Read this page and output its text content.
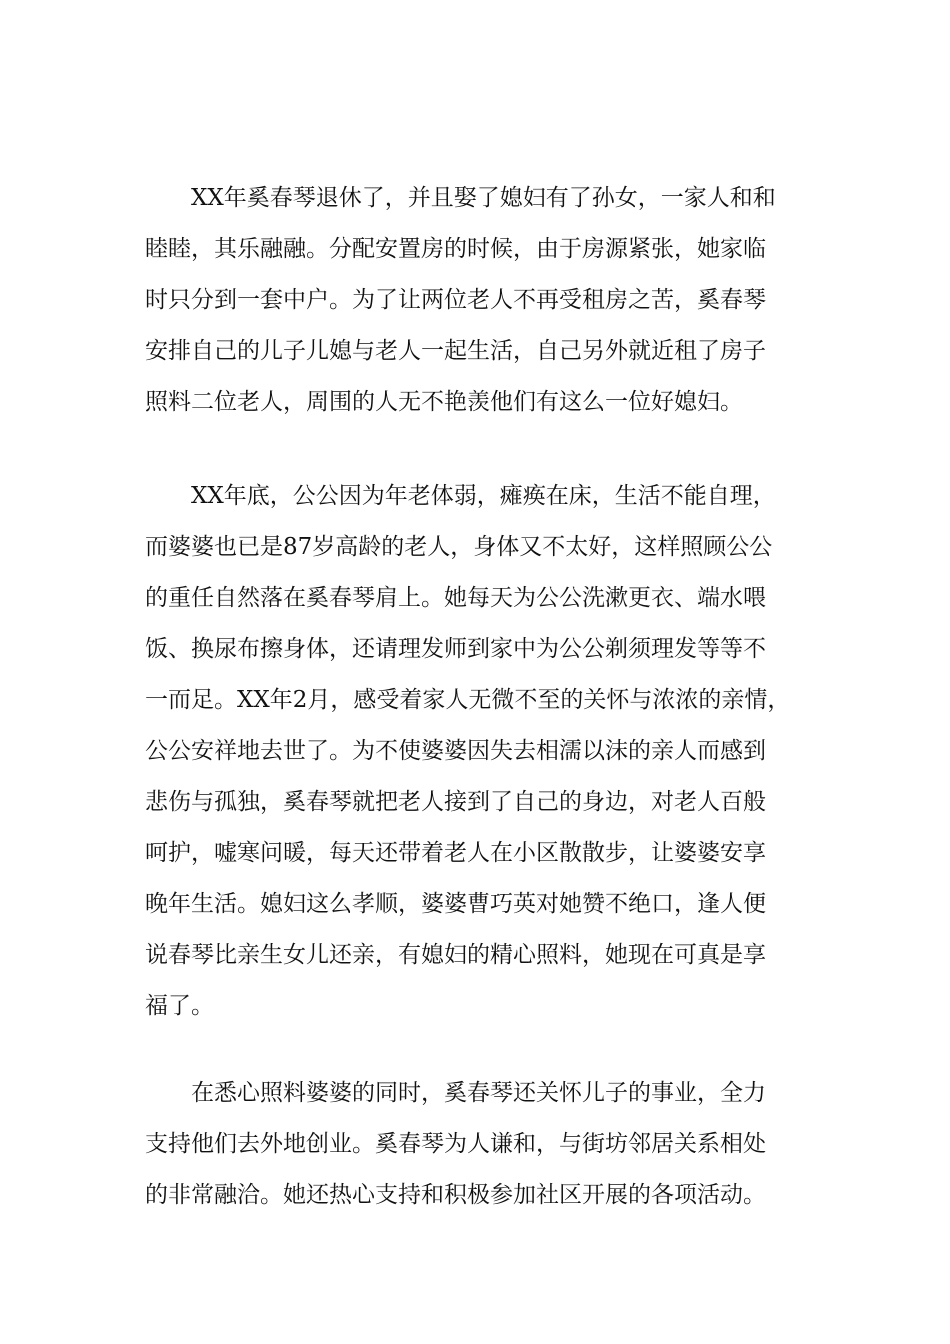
　　XX年奚春琴退休了，并且娶了媳妇有了孙女，一家人和和
睦睦，其乐融融。分配安置房的时候，由于房源紧张，她家临
时只分到一套中户。为了让两位老人不再受租房之苦，奚春琴
安排自己的儿子儿媳与老人一起生活，自己另外就近租了房子
照料二位老人，周围的人无不艳羡他们有这么一位好媳妇。
　　XX年底，公公因为年老体弱，瘫痪在床，生活不能自理，
而婆婆也已是87岁高龄的老人，身体又不太好，这样照顾公公
的重任自然落在奚春琴肩上。她每天为公公洗漱更衣、端水喂
饭、换尿布擦身体，还请理发师到家中为公公剃须理发等等不
一而足。XX年2月，感受着家人无微不至的关怀与浓浓的亲情，
公公安祥地去世了。为不使婆婆因失去相濡以沫的亲人而感到
悲伤与孤独，奚春琴就把老人接到了自己的身边，对老人百般
呵护，嘘寒问暖，每天还带着老人在小区散散步，让婆婆安享
晚年生活。媳妇这么孝顺，婆婆曹巧英对她赞不绝口，逢人便
说春琴比亲生女儿还亲，有媳妇的精心照料，她现在可真是享
福了。
　　在悉心照料婆婆的同时，奚春琴还关怀儿子的事业，全力
支持他们去外地创业。奚春琴为人谦和，与街坊邻居关系相处
的非常融洽。她还热心支持和积极参加社区开展的各项活动。
